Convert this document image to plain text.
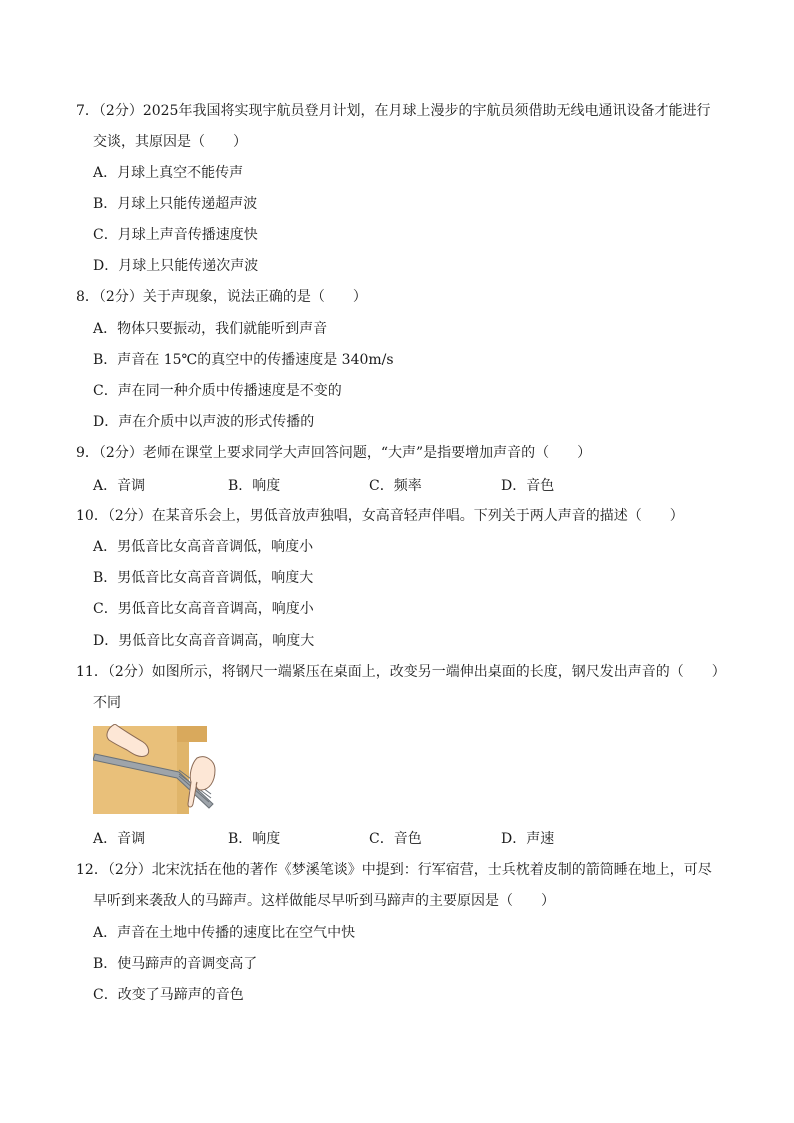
7．（2分）2025年我国将实现宇航员登月计划，在月球上漫步的宇航员须借助无线电通讯设备才能进行
交谈，其原因是（　　）
A．月球上真空不能传声
B．月球上只能传递超声波
C．月球上声音传播速度快
D．月球上只能传递次声波
8．（2分）关于声现象，说法正确的是（　　）
A．物体只要振动，我们就能听到声音
B．声音在 15℃的真空中的传播速度是 340m/s
C．声在同一种介质中传播速度是不变的
D．声在介质中以声波的形式传播的
9．（2分）老师在课堂上要求同学大声回答问题，“大声”是指要增加声音的（　　）
A．音调	B．响度	C．频率	D．音色
10．（2分）在某音乐会上，男低音放声独唱，女高音轻声伴唱。下列关于两人声音的描述（　　）
A．男低音比女高音音调低，响度小
B．男低音比女高音音调低，响度大
C．男低音比女高音音调高，响度小
D．男低音比女高音音调高，响度大
11．（2分）如图所示，将钢尺一端紧压在桌面上，改变另一端伸出桌面的长度，钢尺发出声音的（　　）
不同
A．音调	B．响度	C．音色	D．声速
12．（2分）北宋沈括在他的著作《梦溪笔谈》中提到：行军宿营，士兵枕着皮制的箭筒睡在地上，可尽
早听到来袭敌人的马蹄声。这样做能尽早听到马蹄声的主要原因是（　　）
A．声音在土地中传播的速度比在空气中快
B．使马蹄声的音调变高了
C．改变了马蹄声的音色
